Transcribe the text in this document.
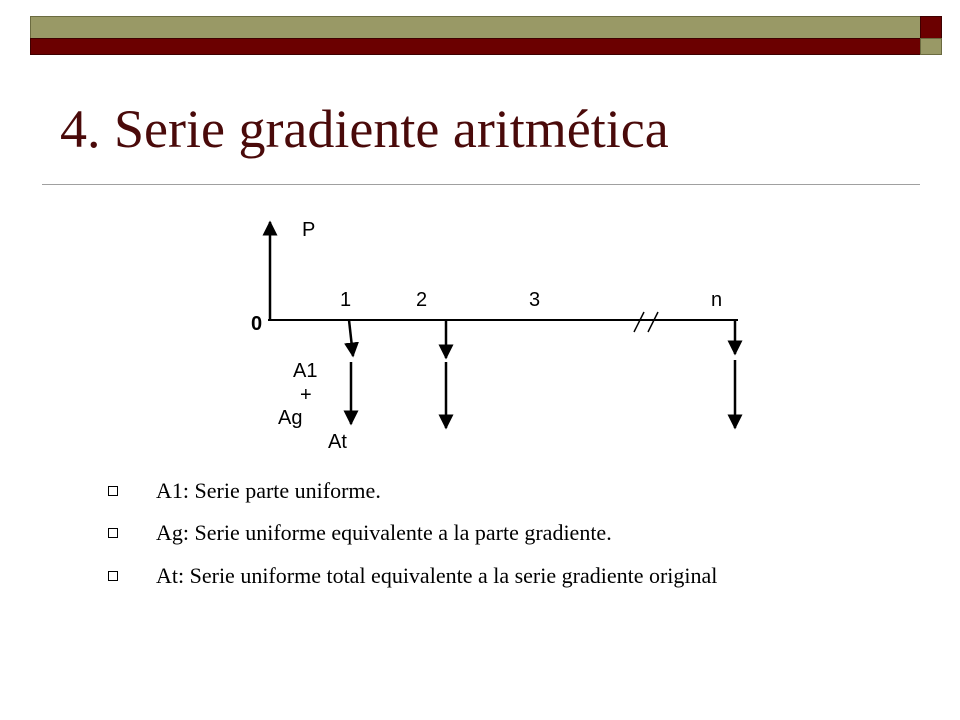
4. Serie gradiente aritmética
P
0
1	2	3	n
A1
+
Ag
At
A1: Serie parte uniforme.
Ag: Serie uniforme equivalente a la parte gradiente.
At: Serie uniforme total equivalente a la serie gradiente original
